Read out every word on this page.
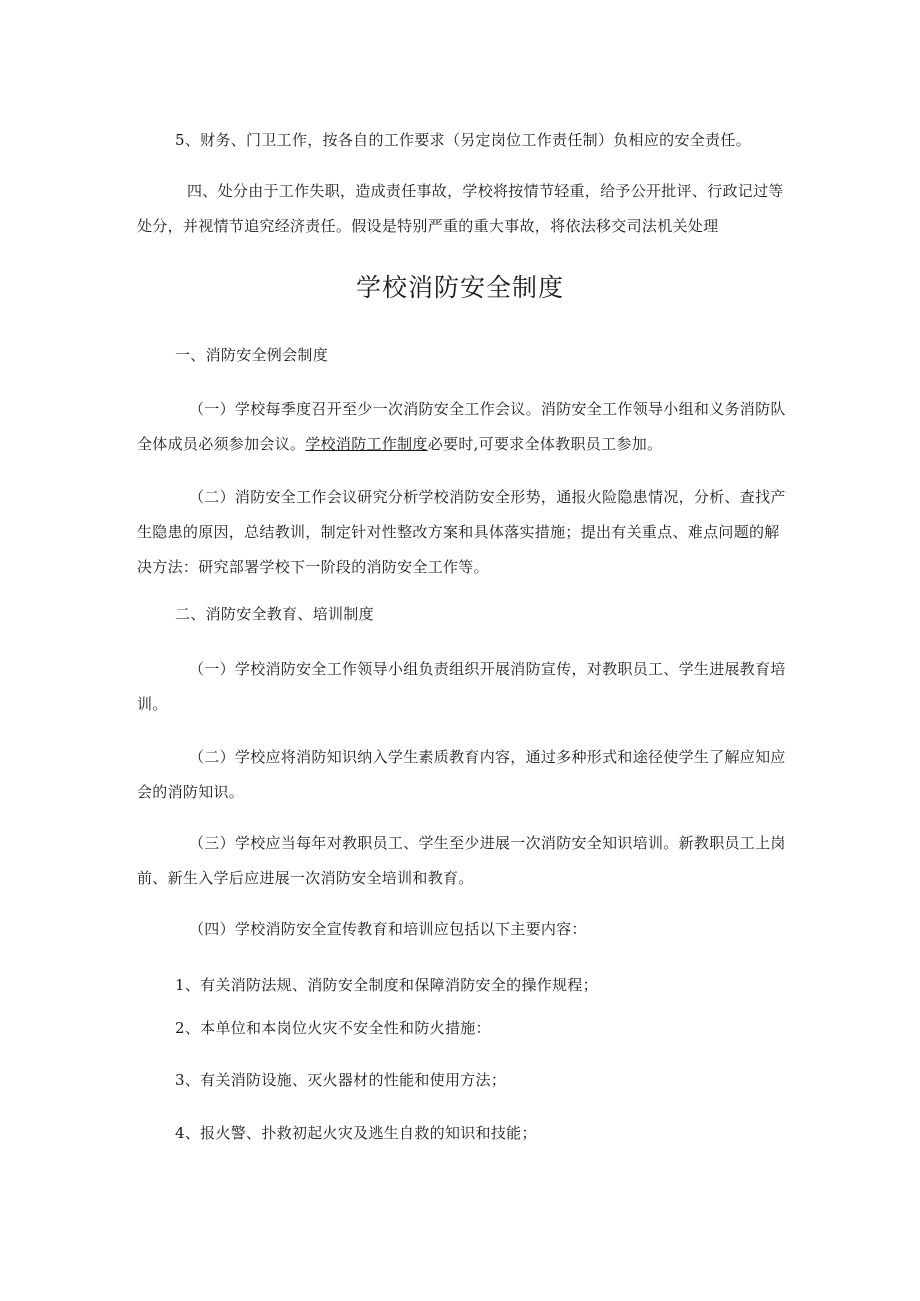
5、财务、门卫工作，按各自的工作要求（另定岗位工作责任制）负相应的安全责任。
四、处分由于工作失职，造成责任事故，学校将按情节轻重，给予公开批评、行政记过等处分，并视情节追究经济责任。假设是特别严重的重大事故，将依法移交司法机关处理
学校消防安全制度
一、消防安全例会制度
（一）学校每季度召开至少一次消防安全工作会议。消防安全工作领导小组和义务消防队全体成员必须参加会议。学校消防工作制度必要时,可要求全体教职员工参加。
（二）消防安全工作会议研究分析学校消防安全形势，通报火险隐患情况，分析、查找产生隐患的原因，总结教训，制定针对性整改方案和具体落实措施；提出有关重点、难点问题的解决方法：研究部署学校下一阶段的消防安全工作等。
二、消防安全教育、培训制度
（一）学校消防安全工作领导小组负责组织开展消防宣传，对教职员工、学生进展教育培训。
（二）学校应将消防知识纳入学生素质教育内容，通过多种形式和途径使学生了解应知应会的消防知识。
（三）学校应当每年对教职员工、学生至少进展一次消防安全知识培训。新教职员工上岗前、新生入学后应进展一次消防安全培训和教育。
（四）学校消防安全宣传教育和培训应包括以下主要内容：
1、有关消防法规、消防安全制度和保障消防安全的操作规程；
2、本单位和本岗位火灾不安全性和防火措施：
3、有关消防设施、灭火器材的性能和使用方法；
4、报火警、扑救初起火灾及逃生自救的知识和技能；
